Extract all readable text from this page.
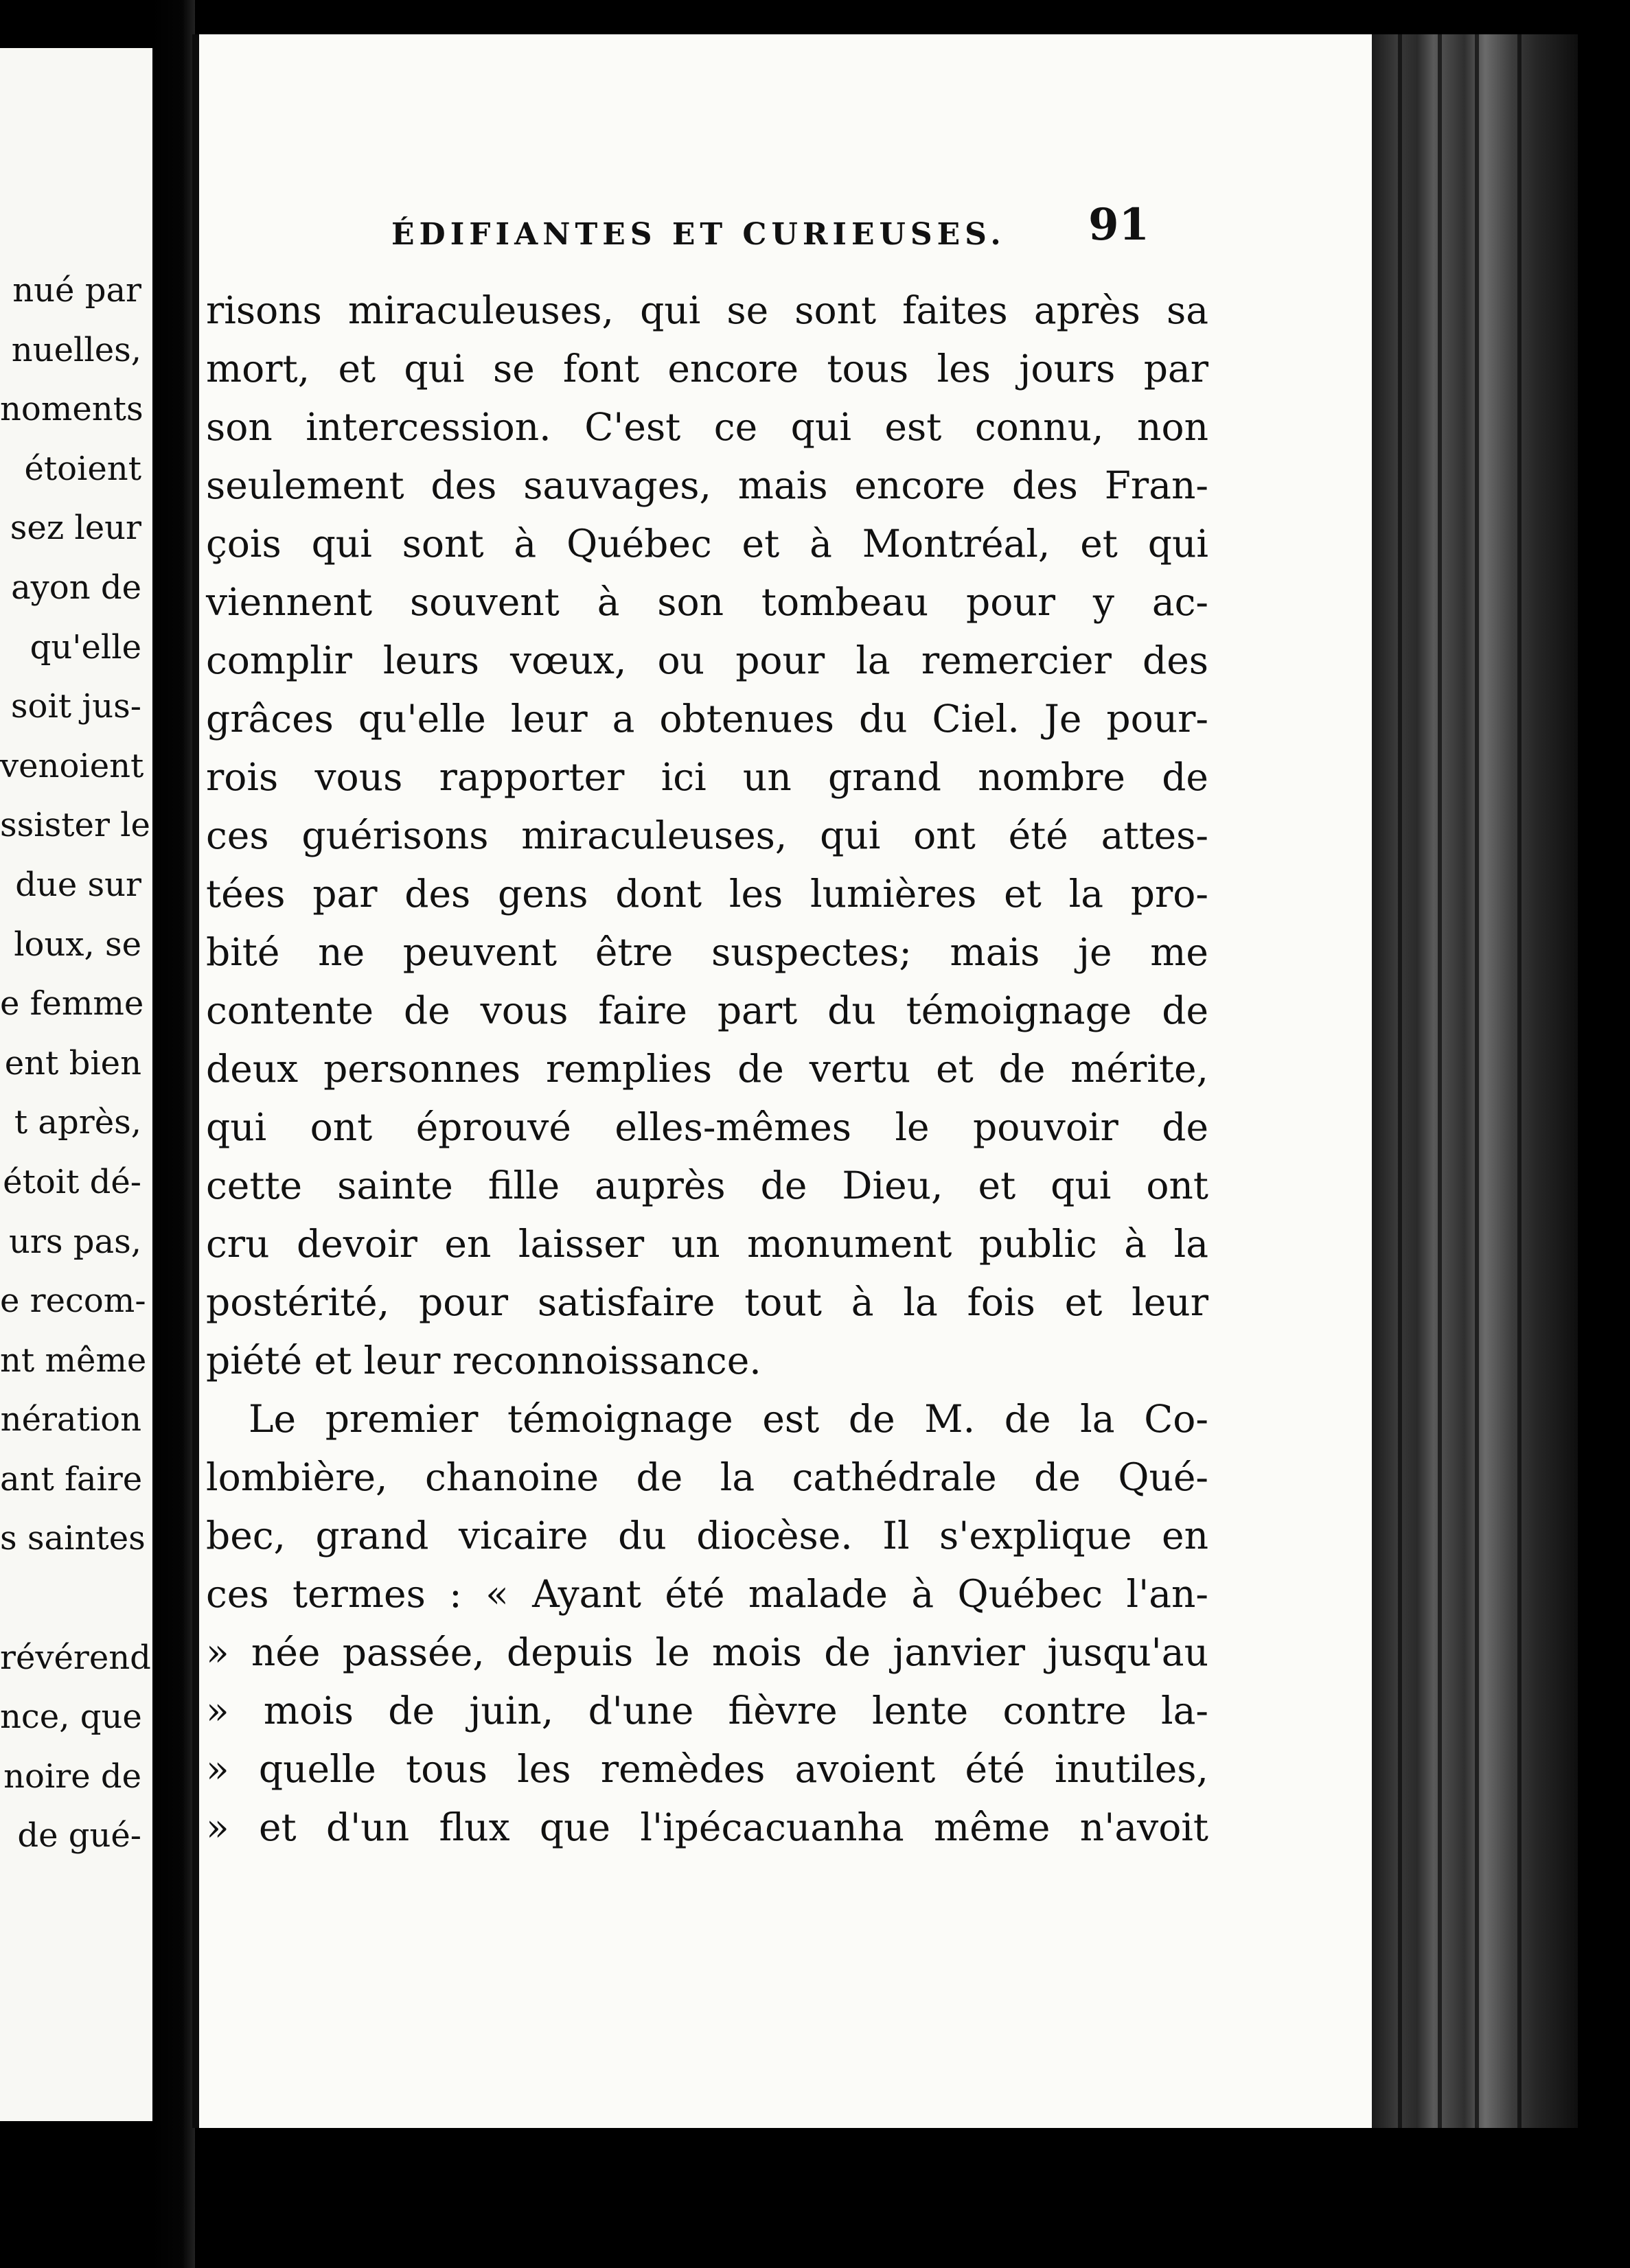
nué par
nuelles,
noments
étoient
sez leur
ayon de
qu'elle
soit jus-
venoient
ssister le
due sur
loux, se
e femme
ent bien
t après,
étoit dé-
urs pas,
e recom-
nt même
nération
ant faire
s saintes
révérend
nce, que
noire de
de gué-
ÉDIFIANTES ET CURIEUSES. 91
risons miraculeuses, qui se sont faites après sa
mort, et qui se font encore tous les jours par
son intercession. C'est ce qui est connu, non
seulement des sauvages, mais encore des Fran-
çois qui sont à Québec et à Montréal, et qui
viennent souvent à son tombeau pour y ac-
complir leurs vœux, ou pour la remercier des
grâces qu'elle leur a obtenues du Ciel. Je pour-
rois vous rapporter ici un grand nombre de
ces guérisons miraculeuses, qui ont été attes-
tées par des gens dont les lumières et la pro-
bité ne peuvent être suspectes; mais je me
contente de vous faire part du témoignage de
deux personnes remplies de vertu et de mérite,
qui ont éprouvé elles-mêmes le pouvoir de
cette sainte fille auprès de Dieu, et qui ont
cru devoir en laisser un monument public à la
postérité, pour satisfaire tout à la fois et leur
piété et leur reconnoissance.
Le premier témoignage est de M. de la Co-
lombière, chanoine de la cathédrale de Qué-
bec, grand vicaire du diocèse. Il s'explique en
ces termes : « Ayant été malade à Québec l'an-
» née passée, depuis le mois de janvier jusqu'au
» mois de juin, d'une fièvre lente contre la-
» quelle tous les remèdes avoient été inutiles,
» et d'un flux que l'ipécacuanha même n'avoit
